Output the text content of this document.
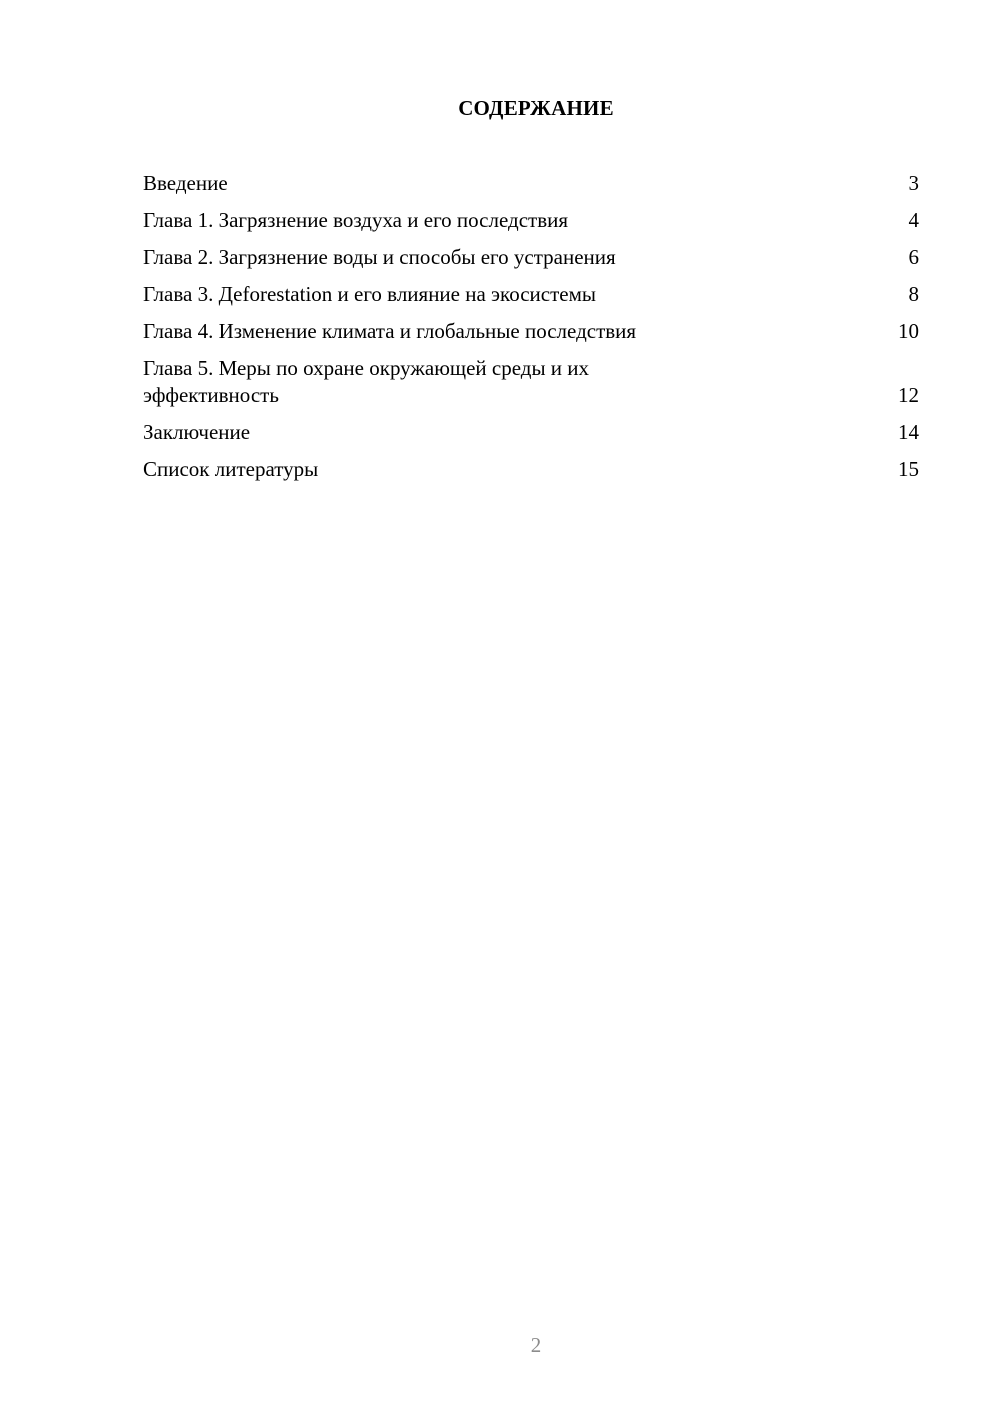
СОДЕРЖАНИЕ
Введение	3
Глава 1. Загрязнение воздуха и его последствия	4
Глава 2. Загрязнение воды и способы его устранения	6
Глава 3. Деforestation и его влияние на экосистемы	8
Глава 4. Изменение климата и глобальные последствия	10
Глава 5. Меры по охране окружающей среды и их эффективность	12
Заключение	14
Список литературы	15
2
